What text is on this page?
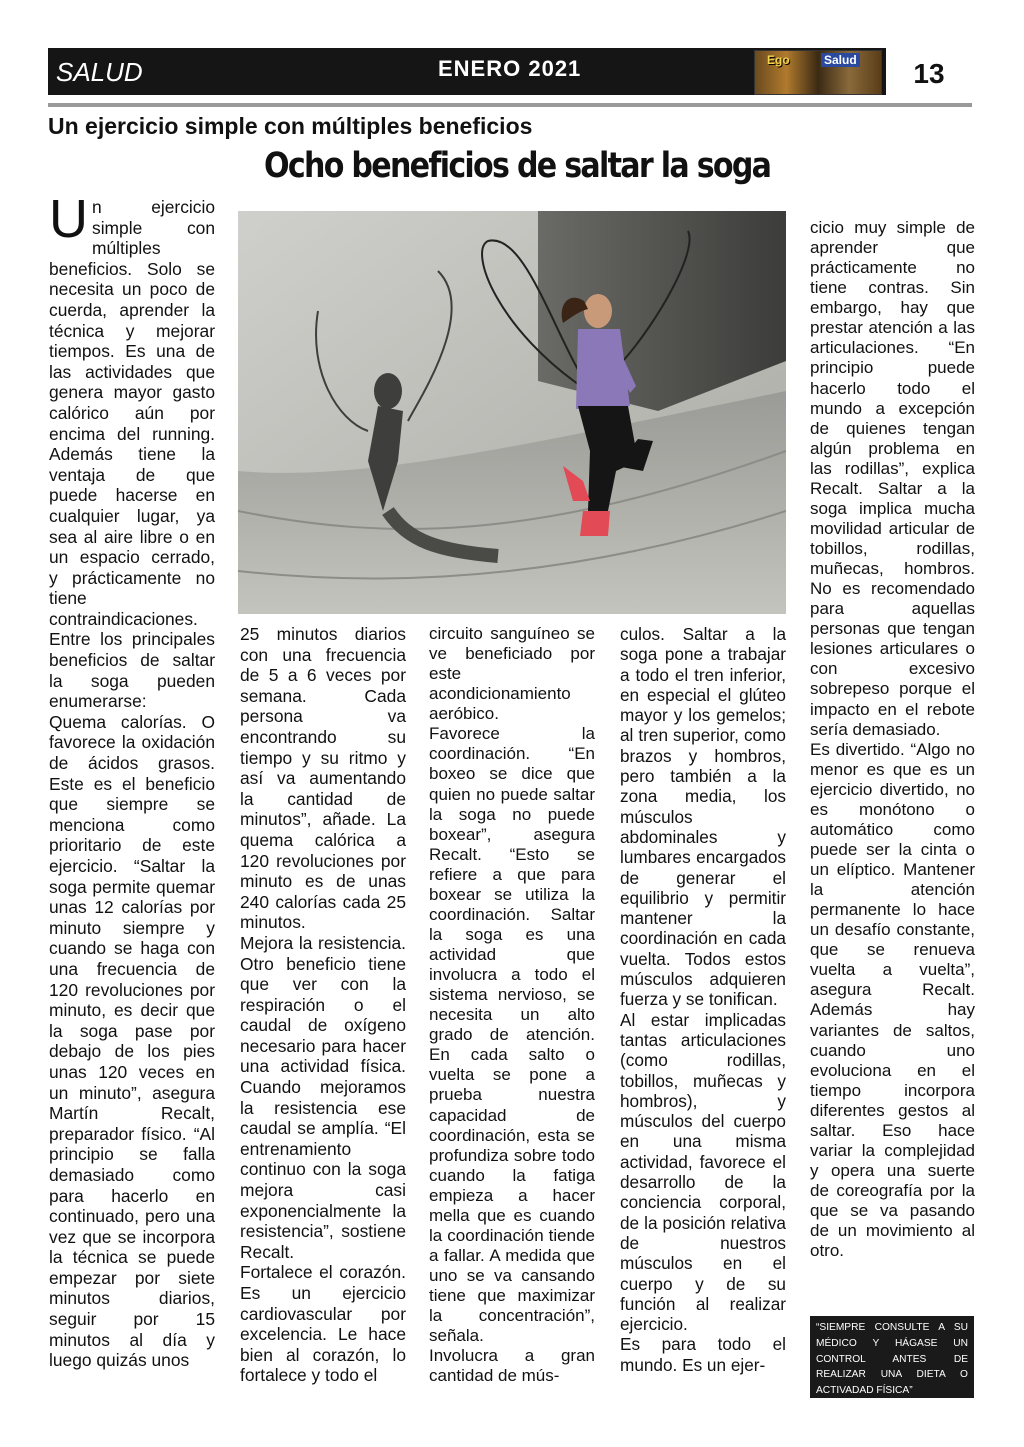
SALUD	ENERO 2021	Ego	Salud	13
Un ejercicio simple con múltiples beneficios
Ocho beneficios de saltar la soga

Un ejercicio simple con múltiples beneficios. Solo se necesita un poco de cuerda, aprender la técnica y mejorar tiempos. Es una de las actividades que genera mayor gasto calórico aún por encima del running. Además tiene la ventaja de que puede hacerse en cualquier lugar, ya sea al aire libre o en un espacio cerrado, y prácticamente no tiene contraindicaciones.

Entre los principales beneficios de saltar la soga pueden enumerarse:

Quema calorías. O favorece la oxidación de ácidos grasos. Este es el beneficio que siempre se menciona como prioritario de este ejercicio. “Saltar la soga permite quemar unas 12 calorías por minuto siempre y cuando se haga con una frecuencia de 120 revoluciones por minuto, es decir que la soga pase por debajo de los pies unas 120 veces en un minuto”, asegura Martín Recalt, preparador físico. “Al principio se falla demasiado como para hacerlo en continuado, pero una vez que se incorpora la técnica se puede empezar por siete minutos diarios, seguir por 15 minutos al día y luego quizás unos

25 minutos diarios con una frecuencia de 5 a 6 veces por semana. Cada persona va encontrando su tiempo y su ritmo y así va aumentando la cantidad de minutos”, añade. La quema calórica a 120 revoluciones por minuto es de unas 240 calorías cada 25 minutos.

Mejora la resistencia. Otro beneficio tiene que ver con la respiración o el caudal de oxígeno necesario para hacer una actividad física. Cuando mejoramos la resistencia ese caudal se amplía. “El entrenamiento continuo con la soga mejora casi exponencialmente la resistencia”, sostiene Recalt.

Fortalece el corazón. Es un ejercicio cardiovascular por excelencia. Le hace bien al corazón, lo fortalece y todo el

circuito sanguíneo se ve beneficiado por este acondicionamiento aeróbico.

Favorece la coordinación. “En boxeo se dice que quien no puede saltar la soga no puede boxear”, asegura Recalt. “Esto se refiere a que para boxear se utiliza la coordinación. Saltar la soga es una actividad que involucra a todo el sistema nervioso, se necesita un alto grado de atención. En cada salto o vuelta se pone a prueba nuestra capacidad de coordinación, esta se profundiza sobre todo cuando la fatiga empieza a hacer mella que es cuando la coordinación tiende a fallar. A medida que uno se va cansando tiene que maximizar la concentración”, señala.

Involucra a gran cantidad de mús-

culos. Saltar a la soga pone a trabajar a todo el tren inferior, en especial el glúteo mayor y los gemelos; al tren superior, como brazos y hombros, pero también a la zona media, los músculos abdominales y lumbares encargados de generar el equilibrio y permitir mantener la coordinación en cada vuelta. Todos estos músculos adquieren fuerza y se tonifican.

Al estar implicadas tantas articulaciones (como rodillas, tobillos, muñecas y hombros), y músculos del cuerpo en una misma actividad, favorece el desarrollo de la conciencia corporal, de la posición relativa de nuestros músculos en el cuerpo y de su función al realizar ejercicio.

Es para todo el mundo. Es un ejer-

cicio muy simple de aprender que prácticamente no tiene contras. Sin embargo, hay que prestar atención a las articulaciones. “En principio puede hacerlo todo el mundo a excepción de quienes tengan algún problema en las rodillas”, explica Recalt. Saltar a la soga implica mucha movilidad articular de tobillos, rodillas, muñecas, hombros. No es recomendado para aquellas personas que tengan lesiones articulares o con excesivo sobrepeso porque el impacto en el rebote sería demasiado.

Es divertido. “Algo no menor es que es un ejercicio divertido, no es monótono o automático como puede ser la cinta o un elíptico. Mantener la atención permanente lo hace un desafío constante, que se renueva vuelta a vuelta”, asegura Recalt. Además hay variantes de saltos, cuando uno evoluciona en el tiempo incorpora diferentes gestos al saltar. Eso hace variar la complejidad y opera una suerte de coreografía por la que se va pasando de un movimiento al otro.

“SIEMPRE CONSULTE A SU MÉDICO Y HÁGASE UN CONTROL ANTES DE REALIZAR UNA DIETA O ACTIVADAD FÍSICA”
